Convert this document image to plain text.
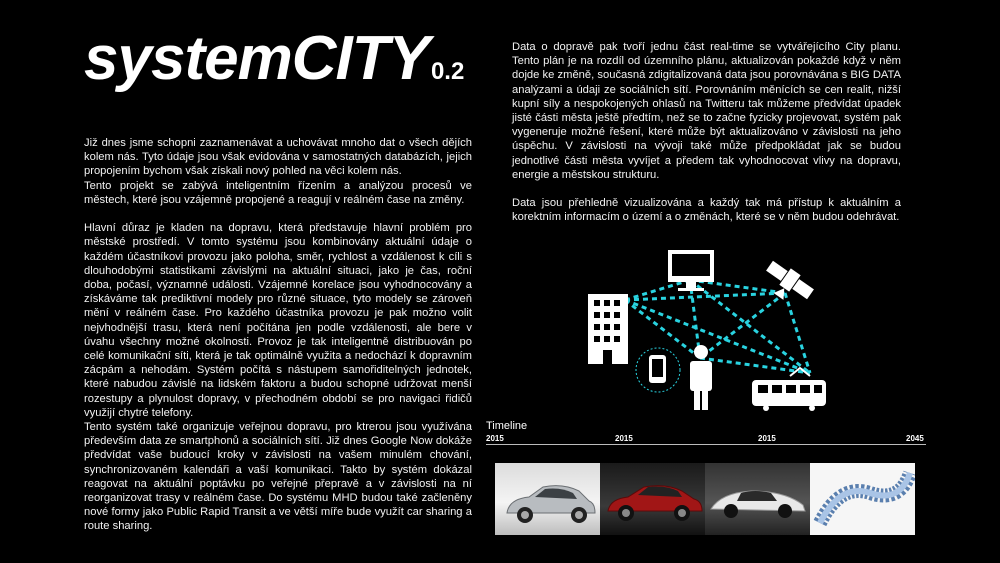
systemCITY0.2

Již dnes jsme schopni zaznamenávat a uchovávat mnoho dat o všech dějích kolem nás. Tyto údaje jsou však evidována v samostatných databázích, jejich propojením bychom však získali nový pohled na věci kolem nás.

Tento projekt se zabývá inteligentním řízením a analýzou procesů ve městech, které jsou vzájemně propojené a reagují v reálném čase na změny.

Hlavní důraz je kladen na dopravu, která představuje hlavní problém pro městské prostředí. V tomto systému jsou kombinovány aktuální údaje o každém účastníkovi provozu jako poloha, směr, rychlost a vzdálenost k cíli s dlouhodobými statistikami závislými na aktuální situaci, jako je čas, roční doba, počasí, významné události. Vzájemné korelace jsou vyhodnocovány a získáváme tak prediktivní modely pro různé situace, tyto modely se zároveň mění v reálném čase. Pro každého účastníka provozu je pak možno volit nejvhodnější trasu, která není počítána jen podle vzdálenosti, ale bere v úvahu všechny možné okolnosti. Provoz je tak inteligentně distribuován po celé komunikační síti, která je tak optimálně využita a nedochází k dopravním zácpám a nehodám. Systém počítá s nástupem samořiditelných jednotek, které nabudou závislé na lidském faktoru a budou schopné udržovat menší rozestupy a plynulost dopravy, v přechodném období se pro navigaci řidičů využijí chytré telefony.

Tento systém také organizuje veřejnou dopravu, pro ktrerou jsou využívána především data ze smartphonů a sociálních sítí. Již dnes Google Now dokáže předvídat vaše budoucí kroky v závislosti na vašem minulém chování, synchronizovaném kalendáři a vaší komunikaci. Takto by systém dokázal reagovat na aktuální poptávku po veřejné přepravě a v závislosti na ní reorganizovat trasy v reálném čase. Do systému MHD budou také začleněny nové formy jako Public Rapid Transit a ve větší míře bude využít car sharing a route sharing.

Data o dopravě pak tvoří jednu část real-time se vytvářejícího City planu. Tento plán je na rozdíl od územního plánu, aktualizován pokaždé když v něm dojde ke změně, současná zdigitalizovaná data jsou porovnávána s BIG DATA analýzami a údaji ze sociálních sítí. Porovnáním měnících se cen realit, nižší kupní síly a nespokojených ohlasů na Twitteru tak můžeme předvídat úpadek jisté části města ještě předtím, než se to začne fyzicky projevovat, systém pak vygeneruje možné řešení, které může být aktualizováno v závislosti na jeho úspěchu. V závislosti na vývoji také může předpokládat jak se budou jednotlivé části města vyvíjet a předem tak vyhodnocovat vlivy na dopravu, energie a městskou strukturu.

Data jsou přehledně vizualizována a každý tak má přístup k aktuálním a korektním informacím o území a o změnách, které se v něm budou odehrávat.

Timeline
2015	2015	2015	2045
